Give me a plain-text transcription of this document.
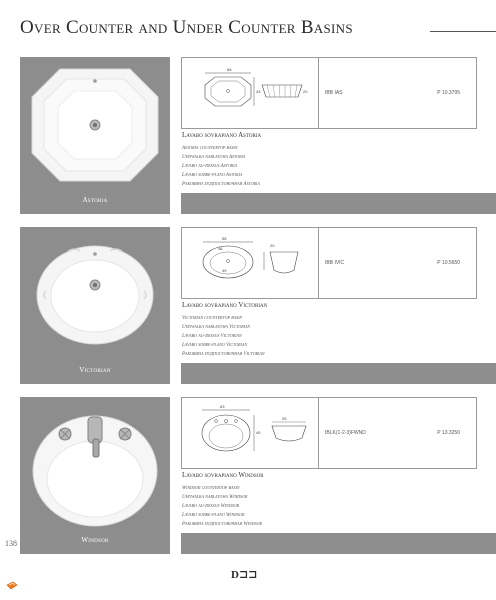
Over Counter and Under Counter Basins
Astoria
68
43	20	IBB IAS	P 10.3795
Lavabo sovrapiano Astoria
Astoria countertop basin
Umywalka nablatowa Astoria
Lavabo au-dessus Astoria
Lavabo sobre-plano Astoria
Раковина подпостовочная Astoria
Victorian
58
46
49
20
IBB IVIC	P 10.5650
Lavabo sovrapiano Victorian
Victorian countertop basin
Umywalka nablatowa Victorian
Lavabo au-dessus Victorian
Lavabo sobre-plano Victorian
Раковина подпостовочная Victorian
Windsor
63
49
25
IBLK(1-2-3)FWND	P 13.3250
Lavabo sovrapiano Windsor
Windsor countertop basin
Umywalka nablatowa Windsor
Lavabo au-dessus Windsor
Lavabo sobre-plano Windsor
Раковина подпостовочная Windsor
138
D⊐⊐
